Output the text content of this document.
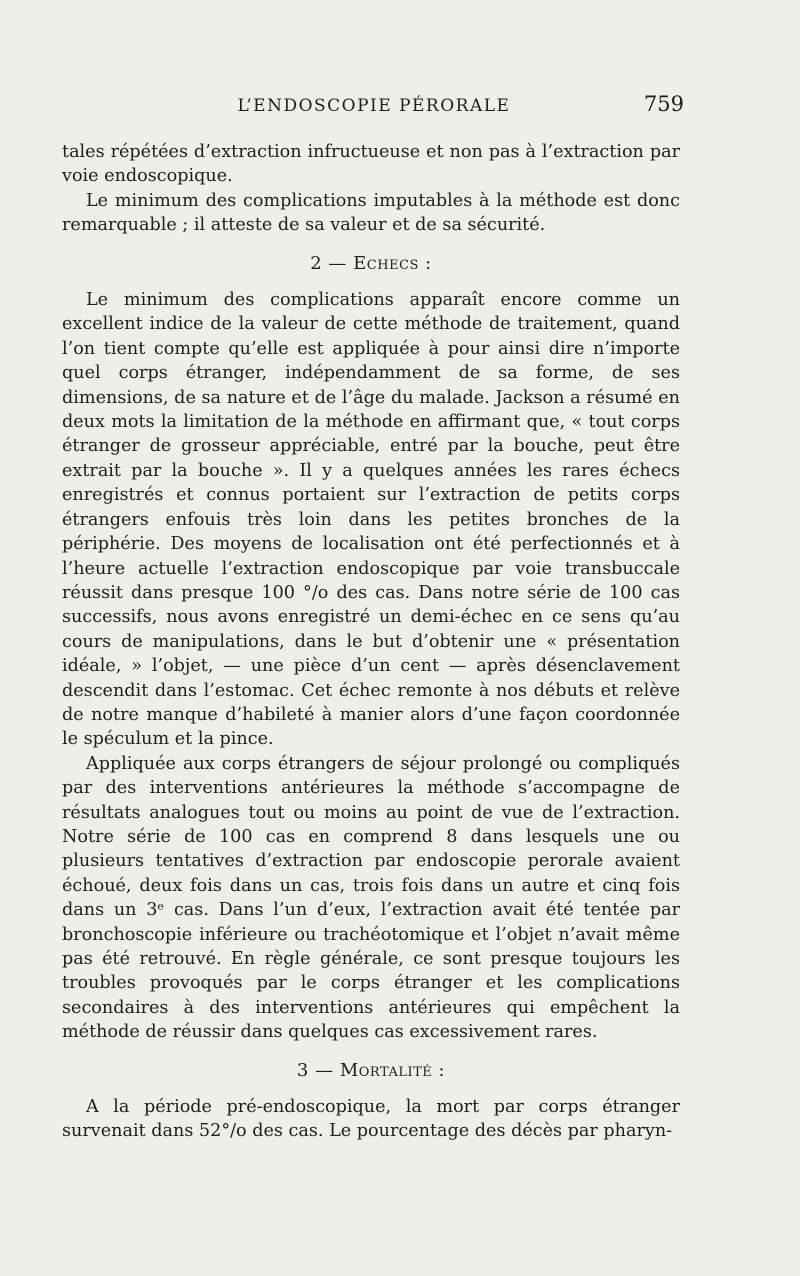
L’ENDOSCOPIE PÉRORALE	759

tales répétées d’extraction infructueuse et non pas à l’extraction par voie endoscopique.

Le minimum des complications imputables à la méthode est donc remarquable ; il atteste de sa valeur et de sa sécurité.

2 — Echecs :

Le minimum des complications apparaît encore comme un excellent indice de la valeur de cette méthode de traitement, quand l’on tient compte qu’elle est appliquée à pour ainsi dire n’importe quel corps étranger, indépendamment de sa forme, de ses dimensions, de sa nature et de l’âge du malade. Jackson a résumé en deux mots la limitation de la méthode en affirmant que, « tout corps étranger de grosseur appréciable, entré par la bouche, peut être extrait par la bouche ». Il y a quelques années les rares échecs enregistrés et connus portaient sur l’extraction de petits corps étrangers enfouis très loin dans les petites bronches de la périphérie. Des moyens de localisation ont été perfectionnés et à l’heure actuelle l’extraction endoscopique par voie transbuccale réussit dans presque 100 °/o des cas. Dans notre série de 100 cas successifs, nous avons enregistré un demi-échec en ce sens qu’au cours de manipulations, dans le but d’obtenir une « présentation idéale, » l’objet, — une pièce d’un cent — après désenclavement descendit dans l’estomac. Cet échec remonte à nos débuts et relève de notre manque d’habileté à manier alors d’une façon coordonnée le spéculum et la pince.

Appliquée aux corps étrangers de séjour prolongé ou compliqués par des interventions antérieures la méthode s’accompagne de résultats analogues tout ou moins au point de vue de l’extraction. Notre série de 100 cas en comprend 8 dans lesquels une ou plusieurs tentatives d’extraction par endoscopie perorale avaient échoué, deux fois dans un cas, trois fois dans un autre et cinq fois dans un 3ᵉ cas. Dans l’un d’eux, l’extraction avait été tentée par bronchoscopie inférieure ou trachéotomique et l’objet n’avait même pas été retrouvé. En règle générale, ce sont presque toujours les troubles provoqués par le corps étranger et les complications secondaires à des interventions antérieures qui empêchent la méthode de réussir dans quelques cas excessivement rares.

3 — Mortalité :

A la période pré-endoscopique, la mort par corps étranger survenait dans 52°/o des cas. Le pourcentage des décès par pharyn-
